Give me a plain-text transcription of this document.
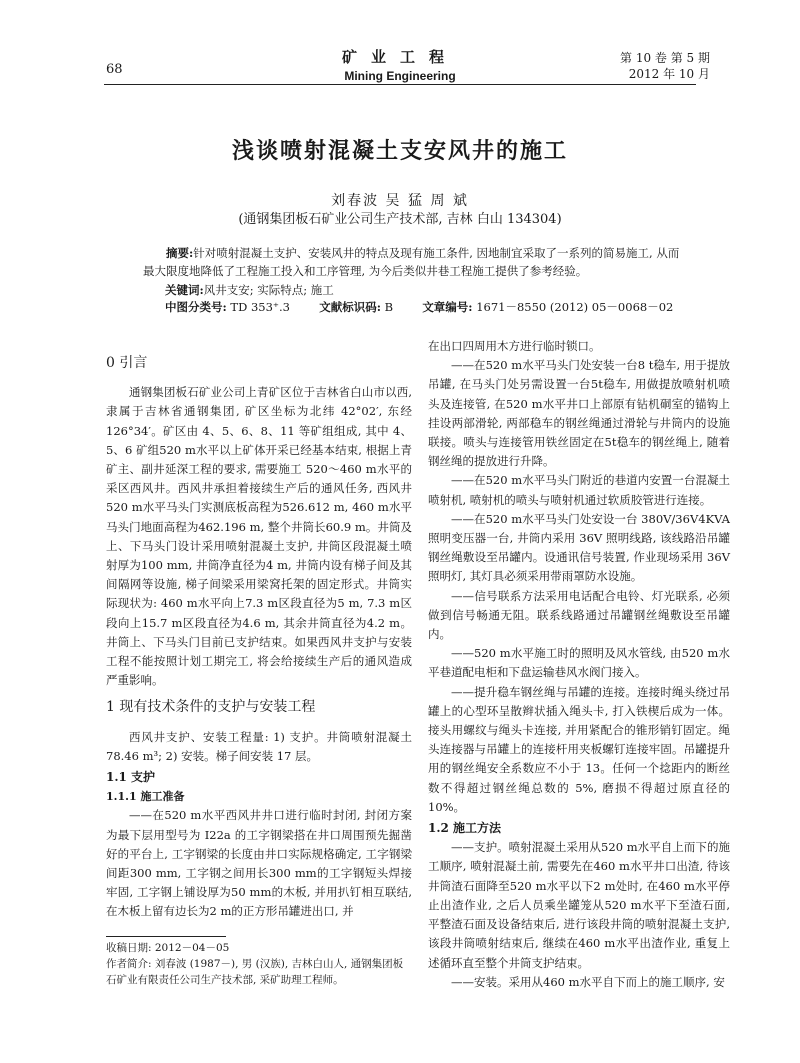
68
矿业工程
Mining Engineering
第 10 卷 第 5 期
2012 年 10 月
浅谈喷射混凝土支安风井的施工
刘春波 吴 猛 周 斌
(通钢集团板石矿业公司生产技术部, 吉林 白山 134304)

摘要:针对喷射混凝土支护、安装风井的特点及现有施工条件, 因地制宜采取了一系列的简易施工, 从而最大限度地降低了工程施工投入和工序管理, 为今后类似井巷工程施工提供了参考经验。

关键词:风井支安; 实际特点; 施工
中图分类号: TD 353⁺.3	文献标识码: B	文章编号: 1671－8550 (2012) 05－0068－02
0 引言

通钢集团板石矿业公司上青矿区位于吉林省白山市以西, 隶属于吉林省通钢集团, 矿区坐标为北纬 42°02′, 东经 126°34′。矿区由 4、5、6、8、11 等矿组组成, 其中 4、5、6 矿组520 m水平以上矿体开采已经基本结束, 根据上青矿主、副井延深工程的要求, 需要施工 520～460 m水平的采区西风井。西风井承担着接续生产后的通风任务, 西风井520 m水平马头门实测底板高程为526.612 m, 460 m水平马头门地面高程为462.196 m, 整个井筒长60.9 m。井筒及上、下马头门设计采用喷射混凝土支护, 井筒区段混凝土喷射厚为100 mm, 井筒净直径为4 m, 井筒内设有梯子间及其间隔网等设施, 梯子间梁采用梁窝托架的固定形式。井筒实际现状为: 460 m水平向上7.3 m区段直径为5 m, 7.3 m区段向上15.7 m区段直径为4.6 m, 其余井筒直径为4.2 m。井筒上、下马头门目前已支护结束。如果西风井支护与安装工程不能按照计划工期完工, 将会给接续生产后的通风造成严重影响。

1 现有技术条件的支护与安装工程

西风井支护、安装工程量: 1) 支护。井筒喷射混凝土 78.46 m³; 2) 安装。梯子间安装 17 层。

1.1 支护
1.1.1 施工准备

——在520 m水平西风井井口进行临时封闭, 封闭方案为最下层用型号为 I22a 的工字钢梁搭在井口周围预先掘凿好的平台上, 工字钢梁的长度由井口实际规格确定, 工字钢梁间距300 mm, 工字钢之间用长300 mm的工字钢短头焊接牢固, 工字钢上铺设厚为50 mm的木板, 并用扒钉相互联结, 在木板上留有边长为2 m的正方形吊罐进出口, 并

在出口四周用木方进行临时锁口。

——在520 m水平马头门处安装一台8 t稳车, 用于提放吊罐, 在马头门处另需设置一台5t稳车, 用做提放喷射机喷头及连接管, 在520 m水平井口上部原有钻机硐室的锚钩上挂设两部滑轮, 两部稳车的钢丝绳通过滑轮与井筒内的设施联接。喷头与连接管用铁丝固定在5t稳车的钢丝绳上, 随着钢丝绳的提放进行升降。

——在520 m水平马头门附近的巷道内安置一台混凝土喷射机, 喷射机的喷头与喷射机通过软质胶管进行连接。

——在520 m水平马头门处安设一台 380V/36V4KVA 照明变压器一台, 井筒内采用 36V 照明线路, 该线路沿吊罐钢丝绳敷设至吊罐内。设通讯信号装置, 作业现场采用 36V 照明灯, 其灯具必须采用带雨罩防水设施。

——信号联系方法采用电话配合电铃、灯光联系, 必须做到信号畅通无阻。联系线路通过吊罐钢丝绳敷设至吊罐内。

——520 m水平施工时的照明及风水管线, 由520 m水平巷道配电柜和下盘运输巷风水阀门接入。

——提升稳车钢丝绳与吊罐的连接。连接时绳头绕过吊罐上的心型环呈散辫状插入绳头卡, 打入铁楔后成为一体。接头用螺纹与绳头卡连接, 并用紧配合的锥形销钉固定。绳头连接器与吊罐上的连接杆用夹板螺钉连接牢固。吊罐提升用的钢丝绳安全系数应不小于 13。任何一个捻距内的断丝数不得超过钢丝绳总数的 5%, 磨损不得超过原直径的 10%。

1.2 施工方法

——支护。喷射混凝土采用从520 m水平自上而下的施工顺序, 喷射混凝土前, 需要先在460 m水平井口出渣, 待该井筒渣石面降至520 m水平以下2 m处时, 在460 m水平停止出渣作业, 之后人员乘坐罐笼从520 m水平下至渣石面, 平整渣石面及设备结束后, 进行该段井筒的喷射混凝土支护, 该段井筒喷射结束后, 继续在460 m水平出渣作业, 重复上述循环直至整个井筒支护结束。

——安装。采用从460 m水平自下而上的施工顺序, 安

收稿日期: 2012－04－05
作者简介: 刘春波 (1987－), 男 (汉族), 吉林白山人, 通钢集团板石矿业有限责任公司生产技术部, 采矿助理工程师。
